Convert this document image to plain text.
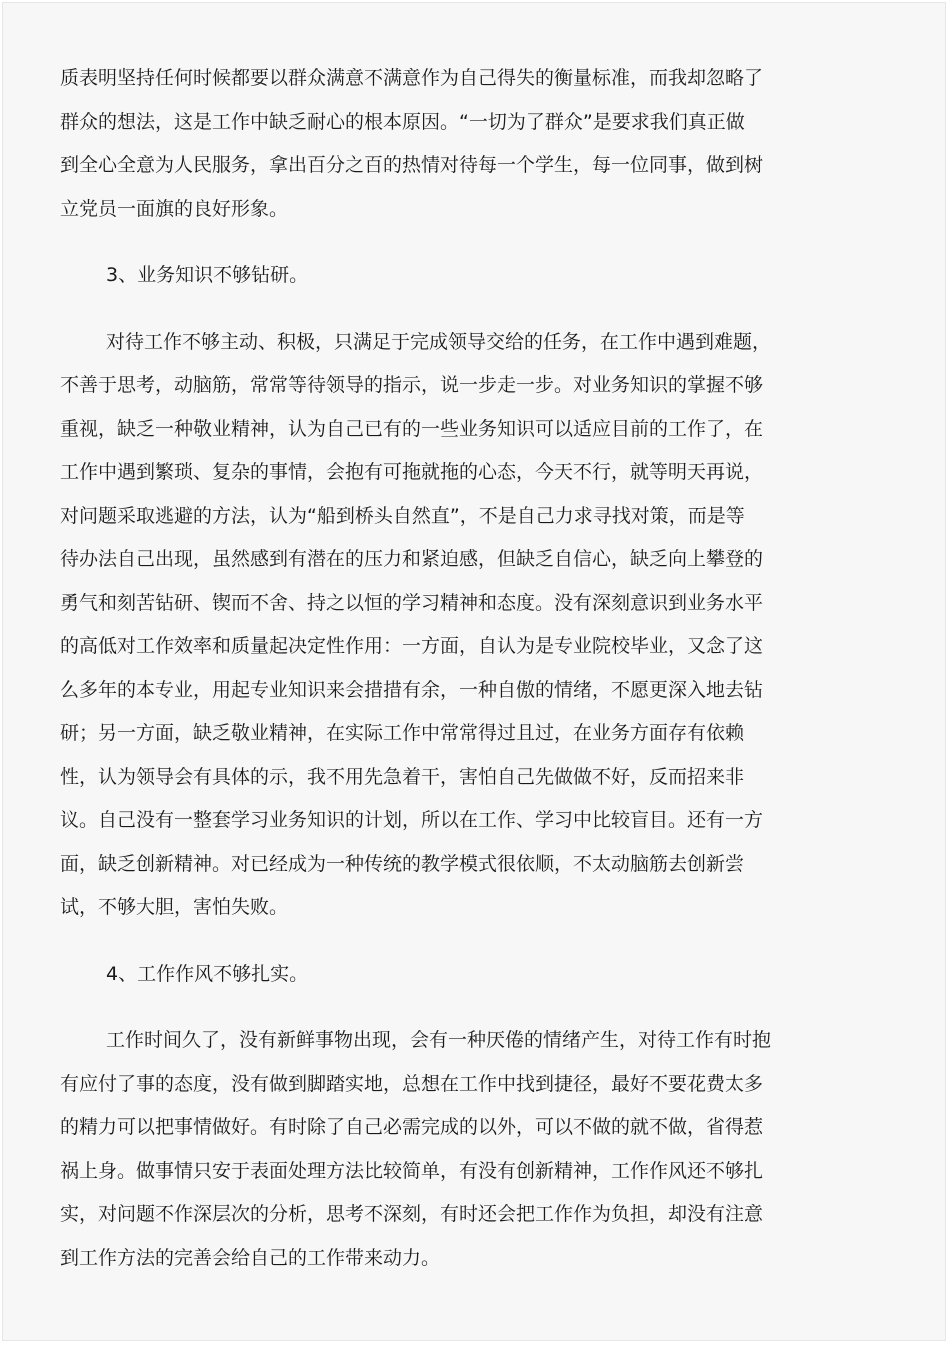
质表明坚持任何时候都要以群众满意不满意作为自己得失的衡量标准，而我却忽略了
群众的想法，这是工作中缺乏耐心的根本原因。“一切为了群众”是要求我们真正做
到全心全意为人民服务，拿出百分之百的热情对待每一个学生，每一位同事，做到树
立党员一面旗的良好形象。
3、业务知识不够钻研。
对待工作不够主动、积极，只满足于完成领导交给的任务，在工作中遇到难题，
不善于思考，动脑筋，常常等待领导的指示，说一步走一步。对业务知识的掌握不够
重视，缺乏一种敬业精神，认为自己已有的一些业务知识可以适应目前的工作了，在
工作中遇到繁琐、复杂的事情，会抱有可拖就拖的心态，今天不行，就等明天再说，
对问题采取逃避的方法，认为“船到桥头自然直”，不是自己力求寻找对策，而是等
待办法自己出现，虽然感到有潜在的压力和紧迫感，但缺乏自信心，缺乏向上攀登的
勇气和刻苦钻研、锲而不舍、持之以恒的学习精神和态度。没有深刻意识到业务水平
的高低对工作效率和质量起决定性作用：一方面，自认为是专业院校毕业，又念了这
么多年的本专业，用起专业知识来会措措有余，一种自傲的情绪，不愿更深入地去钻
研；另一方面，缺乏敬业精神，在实际工作中常常得过且过，在业务方面存有依赖
性，认为领导会有具体的示，我不用先急着干，害怕自己先做做不好，反而招来非
议。自己没有一整套学习业务知识的计划，所以在工作、学习中比较盲目。还有一方
面，缺乏创新精神。对已经成为一种传统的教学模式很依顺，不太动脑筋去创新尝
试，不够大胆，害怕失败。
4、工作作风不够扎实。
工作时间久了，没有新鲜事物出现，会有一种厌倦的情绪产生，对待工作有时抱
有应付了事的态度，没有做到脚踏实地，总想在工作中找到捷径，最好不要花费太多
的精力可以把事情做好。有时除了自己必需完成的以外，可以不做的就不做，省得惹
祸上身。做事情只安于表面处理方法比较简单，有没有创新精神，工作作风还不够扎
实，对问题不作深层次的分析，思考不深刻，有时还会把工作作为负担，却没有注意
到工作方法的完善会给自己的工作带来动力。
